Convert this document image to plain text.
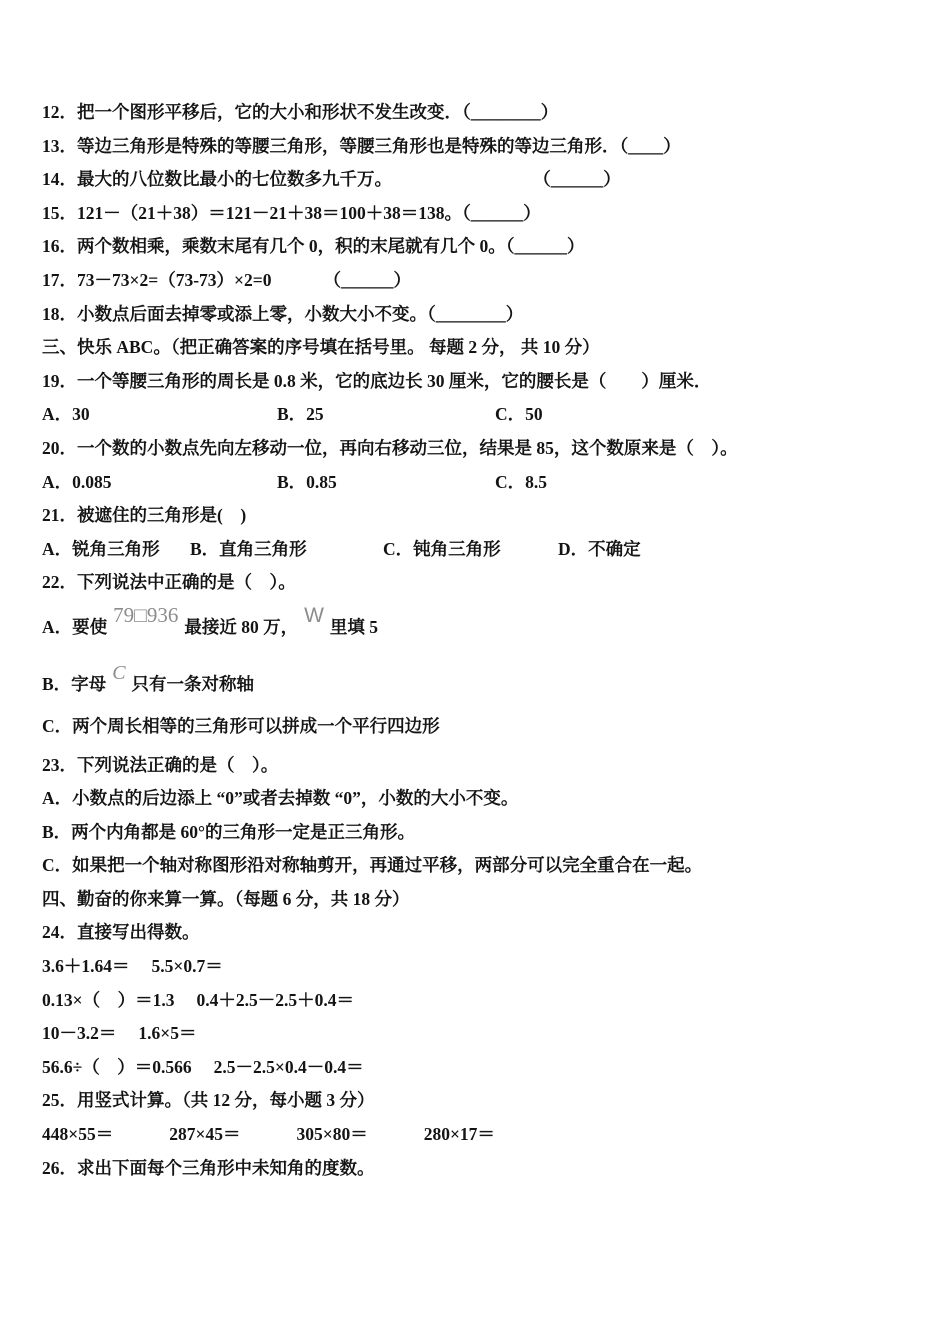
12．把一个图形平移后，它的大小和形状不发生改变．（________）
13．等边三角形是特殊的等腰三角形，等腰三角形也是特殊的等边三角形．（____）
14．最大的八位数比最小的七位数多九千万。	（______）
15．121－（21＋38）＝121－21＋38＝100＋38＝138。（______）
16．两个数相乘，乘数末尾有几个 0，积的末尾就有几个 0。（______）
17．73－73×2=（73-73）×2=0	（______）
18．小数点后面去掉零或添上零，小数大小不变。（________）
三、快乐 ABC。（把正确答案的序号填在括号里。 每题 2 分， 共 10 分）
19．一个等腰三角形的周长是 0.8 米，它的底边长 30 厘米，它的腰长是（　　）厘米．
A．30	B．25	C．50
20．一个数的小数点先向左移动一位，再向右移动三位，结果是 85，这个数原来是（　）。
A．0.085	B．0.85	C．8.5
21．被遮住的三角形是(　)
A．锐角三角形 B．直角三角形	C．钝角三角形	D．不确定
22．下列说法中正确的是（　）。
A．要使 79□936 最接近 80 万， W 里填 5
B．字母 C 只有一条对称轴
C．两个周长相等的三角形可以拼成一个平行四边形
23．下列说法正确的是（　）。
A．小数点的后边添上 “0”或者去掉数 “0”，小数的大小不变。
B．两个内角都是 60°的三角形一定是正三角形。
C．如果把一个轴对称图形沿对称轴剪开，再通过平移，两部分可以完全重合在一起。
四、勤奋的你来算一算。（每题 6 分，共 18 分）
24．直接写出得数。
3.6＋1.64＝ 5.5×0.7＝
0.13×（　）＝1.3 0.4＋2.5－2.5＋0.4＝
10－3.2＝ 1.6×5＝
56.6÷（　）＝0.566 2.5－2.5×0.4－0.4＝
25．用竖式计算。（共 12 分，每小题 3 分）
448×55＝	287×45＝	305×80＝	280×17＝
26．求出下面每个三角形中未知角的度数。
